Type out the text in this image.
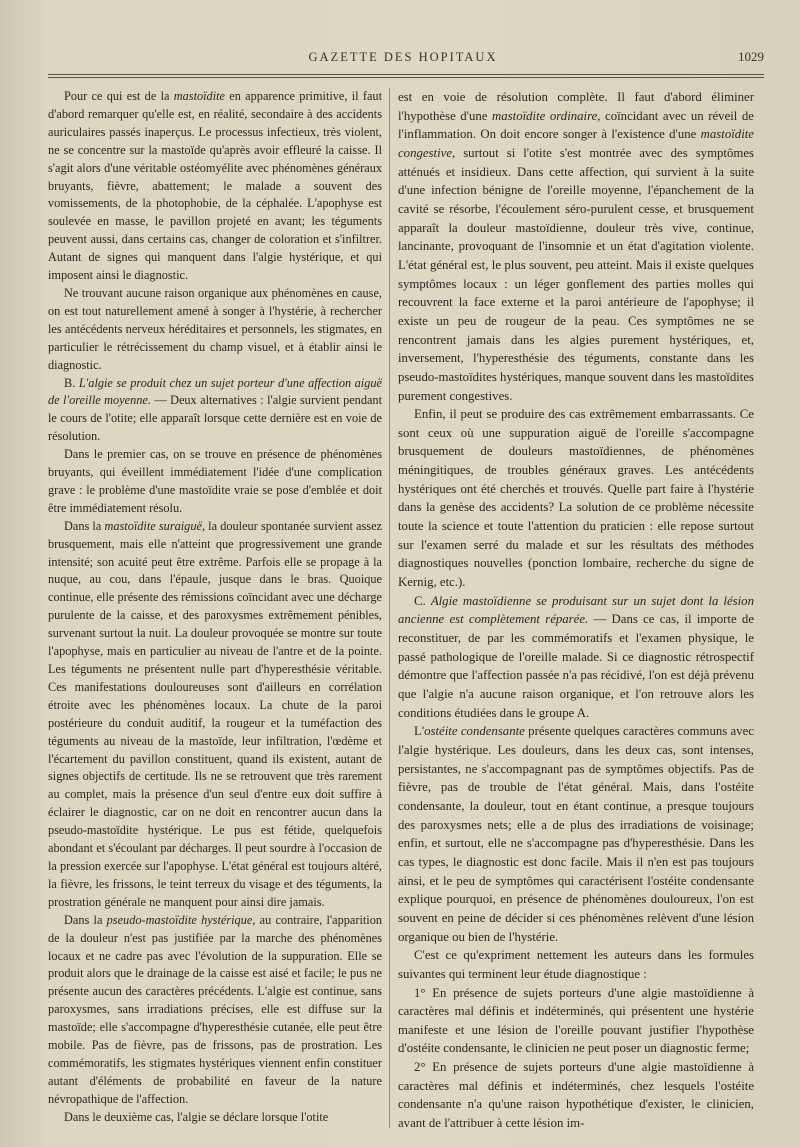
GAZETTE DES HOPITAUX	1029

Pour ce qui est de la mastoïdite en apparence primitive, il faut d'abord remarquer qu'elle est, en réalité, secondaire à des accidents auriculaires passés inaperçus. Le processus infectieux, très violent, ne se concentre sur la mastoïde qu'après avoir effleuré la caisse. Il s'agit alors d'une véritable ostéomyélite avec phénomènes généraux bruyants, fièvre, abattement; le malade a souvent des vomissements, de la photophobie, de la céphalée. L'apophyse est soulevée en masse, le pavillon projeté en avant; les téguments peuvent aussi, dans certains cas, changer de coloration et s'infiltrer. Autant de signes qui manquent dans l'algie hystérique, et qui imposent ainsi le diagnostic.

Ne trouvant aucune raison organique aux phénomènes en cause, on est tout naturellement amené à songer à l'hystérie, à rechercher les antécédents nerveux héréditaires et personnels, les stigmates, en particulier le rétrécissement du champ visuel, et à établir ainsi le diagnostic.

B. L'algie se produit chez un sujet porteur d'une affection aiguë de l'oreille moyenne. — Deux alternatives : l'algie survient pendant le cours de l'otite; elle apparaît lorsque cette dernière est en voie de résolution.

Dans le premier cas, on se trouve en présence de phénomènes bruyants, qui éveillent immédiatement l'idée d'une complication grave : le problème d'une mastoïdite vraie se pose d'emblée et doit être immédiatement résolu.

Dans la mastoïdite suraiguë, la douleur spontanée survient assez brusquement, mais elle n'atteint que progressivement une grande intensité; son acuité peut être extrême. Parfois elle se propage à la nuque, au cou, dans l'épaule, jusque dans le bras. Quoique continue, elle présente des rémissions coïncidant avec une décharge purulente de la caisse, et des paroxysmes extrêmement pénibles, survenant surtout la nuit. La douleur provoquée se montre sur toute l'apophyse, mais en particulier au niveau de l'antre et de la pointe. Les téguments ne présentent nulle part d'hyperesthésie véritable. Ces manifestations douloureuses sont d'ailleurs en corrélation étroite avec les phénomènes locaux. La chute de la paroi postérieure du conduit auditif, la rougeur et la tuméfaction des téguments au niveau de la mastoïde, leur infiltration, l'œdème et l'écartement du pavillon constituent, quand ils existent, autant de signes objectifs de certitude. Ils ne se retrouvent que très rarement au complet, mais la présence d'un seul d'entre eux doit suffire à éclairer le diagnostic, car on ne doit en rencontrer aucun dans la pseudo-mastoïdite hystérique. Le pus est fétide, quelquefois abondant et s'écoulant par décharges. Il peut sourdre à l'occasion de la pression exercée sur l'apophyse. L'état général est toujours altéré, la fièvre, les frissons, le teint terreux du visage et des téguments, la prostration générale ne manquent pour ainsi dire jamais.

Dans la pseudo-mastoïdite hystérique, au contraire, l'apparition de la douleur n'est pas justifiée par la marche des phénomènes locaux et ne cadre pas avec l'évolution de la suppuration. Elle se produit alors que le drainage de la caisse est aisé et facile; le pus ne présente aucun des caractères précédents. L'algie est continue, sans paroxysmes, sans irradiations précises, elle est diffuse sur la mastoïde; elle s'accompagne d'hyperesthésie cutanée, elle peut être mobile. Pas de fièvre, pas de frissons, pas de prostration. Les commémoratifs, les stigmates hystériques viennent enfin constituer autant d'éléments de probabilité en faveur de la nature névropathique de l'affection.

Dans le deuxième cas, l'algie se déclare lorsque l'otite

est en voie de résolution complète. Il faut d'abord éliminer l'hypothèse d'une mastoïdite ordinaire, coïncidant avec un réveil de l'inflammation. On doit encore songer à l'existence d'une mastoïdite congestive, surtout si l'otite s'est montrée avec des symptômes atténués et insidieux. Dans cette affection, qui survient à la suite d'une infection bénigne de l'oreille moyenne, l'épanchement de la cavité se résorbe, l'écoulement séro-purulent cesse, et brusquement apparaît la douleur mastoïdienne, douleur très vive, continue, lancinante, provoquant de l'insomnie et un état d'agitation violente. L'état général est, le plus souvent, peu atteint. Mais il existe quelques symptômes locaux : un léger gonflement des parties molles qui recouvrent la face externe et la paroi antérieure de l'apophyse; il existe un peu de rougeur de la peau. Ces symptômes ne se rencontrent jamais dans les algies purement hystériques, et, inversement, l'hyperesthésie des téguments, constante dans les pseudo-mastoïdites hystériques, manque souvent dans les mastoïdites purement congestives.

Enfin, il peut se produire des cas extrêmement embarrassants. Ce sont ceux où une suppuration aiguë de l'oreille s'accompagne brusquement de douleurs mastoïdiennes, de phénomènes méningitiques, de troubles généraux graves. Les antécédents hystériques ont été cherchés et trouvés. Quelle part faire à l'hystérie dans la genèse des accidents? La solution de ce problème nécessite toute la science et toute l'attention du praticien : elle repose surtout sur l'examen serré du malade et sur les résultats des méthodes diagnostiques nouvelles (ponction lombaire, recherche du signe de Kernig, etc.).

C. Algie mastoïdienne se produisant sur un sujet dont la lésion ancienne est complètement réparée. — Dans ce cas, il importe de reconstituer, de par les commémoratifs et l'examen physique, le passé pathologique de l'oreille malade. Si ce diagnostic rétrospectif démontre que l'affection passée n'a pas récidivé, l'on est déjà prévenu que l'algie n'a aucune raison organique, et l'on retrouve alors les conditions étudiées dans le groupe A.

L'ostéite condensante présente quelques caractères communs avec l'algie hystérique. Les douleurs, dans les deux cas, sont intenses, persistantes, ne s'accompagnant pas de symptômes objectifs. Pas de fièvre, pas de trouble de l'état général. Mais, dans l'ostéite condensante, la douleur, tout en étant continue, a presque toujours des paroxysmes nets; elle a de plus des irradiations de voisinage; enfin, et surtout, elle ne s'accompagne pas d'hyperesthésie. Dans les cas types, le diagnostic est donc facile. Mais il n'en est pas toujours ainsi, et le peu de symptômes qui caractérisent l'ostéite condensante explique pourquoi, en présence de phénomènes douloureux, l'on est souvent en peine de décider si ces phénomènes relèvent d'une lésion organique ou bien de l'hystérie.

C'est ce qu'expriment nettement les auteurs dans les formules suivantes qui terminent leur étude diagnostique :

1° En présence de sujets porteurs d'une algie mastoïdienne à caractères mal définis et indéterminés, qui présentent une hystérie manifeste et une lésion de l'oreille pouvant justifier l'hypothèse d'ostéite condensante, le clinicien ne peut poser un diagnostic ferme;

2° En présence de sujets porteurs d'une algie mastoïdienne à caractères mal définis et indéterminés, chez lesquels l'ostéite condensante n'a qu'une raison hypothétique d'exister, le clinicien, avant de l'attribuer à cette lésion im-
